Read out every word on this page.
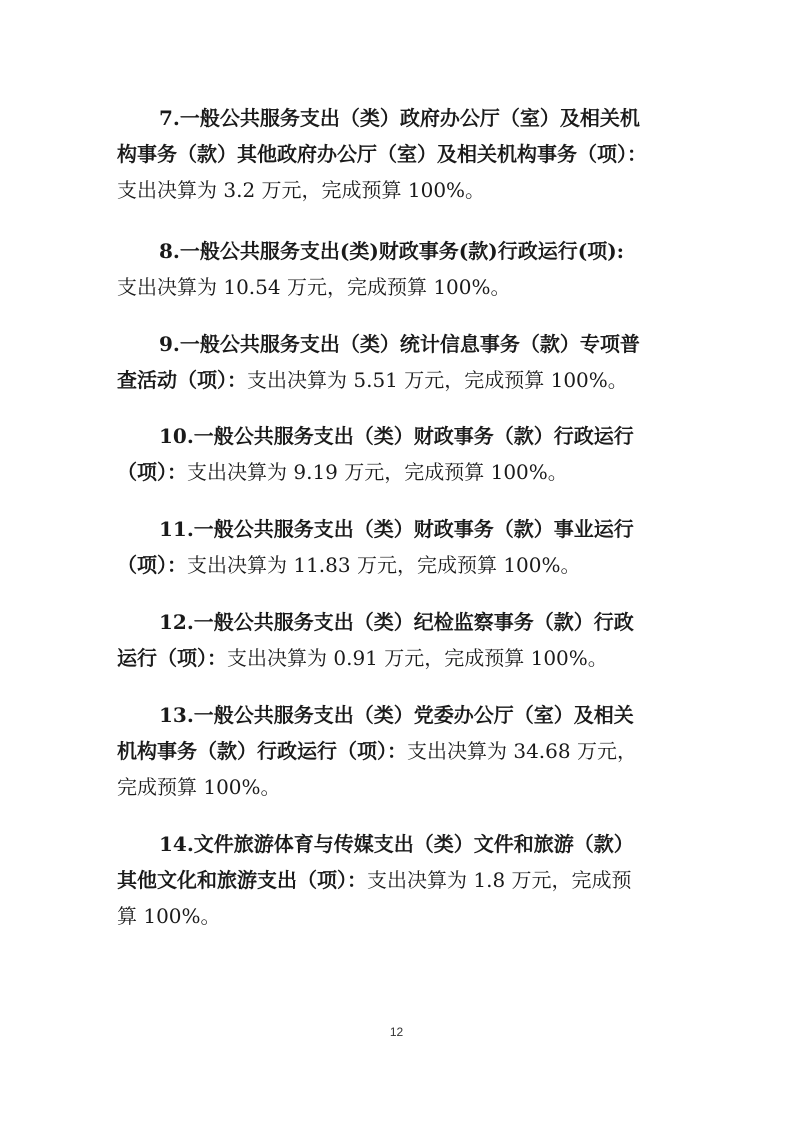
7.一般公共服务支出（类）政府办公厅（室）及相关机
构事务（款）其他政府办公厅（室）及相关机构事务（项）：
支出决算为 3.2 万元，完成预算 100%。
8.一般公共服务支出(类)财政事务(款)行政运行(项):
支出决算为 10.54 万元，完成预算 100%。
9.一般公共服务支出（类）统计信息事务（款）专项普
查活动（项）：支出决算为 5.51 万元，完成预算 100%。
10.一般公共服务支出（类）财政事务（款）行政运行
（项）：支出决算为 9.19 万元，完成预算 100%。
11.一般公共服务支出（类）财政事务（款）事业运行
（项）：支出决算为 11.83 万元，完成预算 100%。
12.一般公共服务支出（类）纪检监察事务（款）行政
运行（项）：支出决算为 0.91 万元，完成预算 100%。
13.一般公共服务支出（类）党委办公厅（室）及相关
机构事务（款）行政运行（项）：支出决算为 34.68 万元，
完成预算 100%。
14.文件旅游体育与传媒支出（类）文件和旅游（款）
其他文化和旅游支出（项）：支出决算为 1.8 万元，完成预
算 100%。
12
